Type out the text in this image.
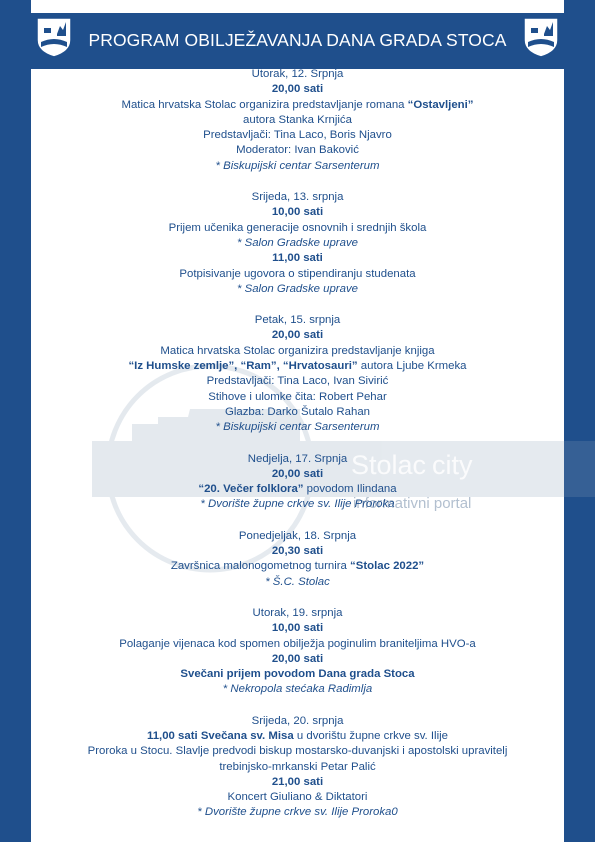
Stolac city
informativni portal
PROGRAM OBILJEŽAVANJA DANA GRADA STOCA
Utorak, 12. Srpnja
20,00 sati
Matica hrvatska Stolac organizira predstavljanje romana “Ostavljeni”
autora Stanka Krnjića
Predstavljači: Tina Laco, Boris Njavro
Moderator: Ivan Baković
* Biskupijski centar Sarsenterum
Srijeda, 13. srpnja
10,00 sati
Prijem učenika generacije osnovnih i srednjih škola
* Salon Gradske uprave
11,00 sati
Potpisivanje ugovora o stipendiranju studenata
* Salon Gradske uprave
Petak, 15. srpnja
20,00 sati
Matica hrvatska Stolac organizira predstavljanje knjiga
“Iz Humske zemlje”, “Ram”, “Hrvatosauri” autora Ljube Krmeka
Predstavljači: Tina Laco, Ivan Sivirić
Stihove i ulomke čita: Robert Pehar
Glazba: Darko Šutalo Rahan
* Biskupijski centar Sarsenterum
Nedjelja, 17. Srpnja
20,00 sati
“20. Večer folklora” povodom Ilindana
* Dvorište župne crkve sv. Ilije Proroka
Ponedjeljak, 18. Srpnja
20,30 sati
Završnica malonogometnog turnira “Stolac 2022”
* Š.C. Stolac
Utorak, 19. srpnja
10,00 sati
Polaganje vijenaca kod spomen obilježja poginulim braniteljima HVO-a
20,00 sati
Svečani prijem povodom Dana grada Stoca
* Nekropola stećaka Radimlja
Srijeda, 20. srpnja
11,00 sati Svečana sv. Misa u dvorištu župne crkve sv. Ilije
Proroka u Stocu. Slavlje predvodi biskup mostarsko-duvanjski i apostolski upravitelj
trebinjsko-mrkanski Petar Palić
21,00 sati
Koncert Giuliano & Diktatori
* Dvorište župne crkve sv. Ilije Proroka0
